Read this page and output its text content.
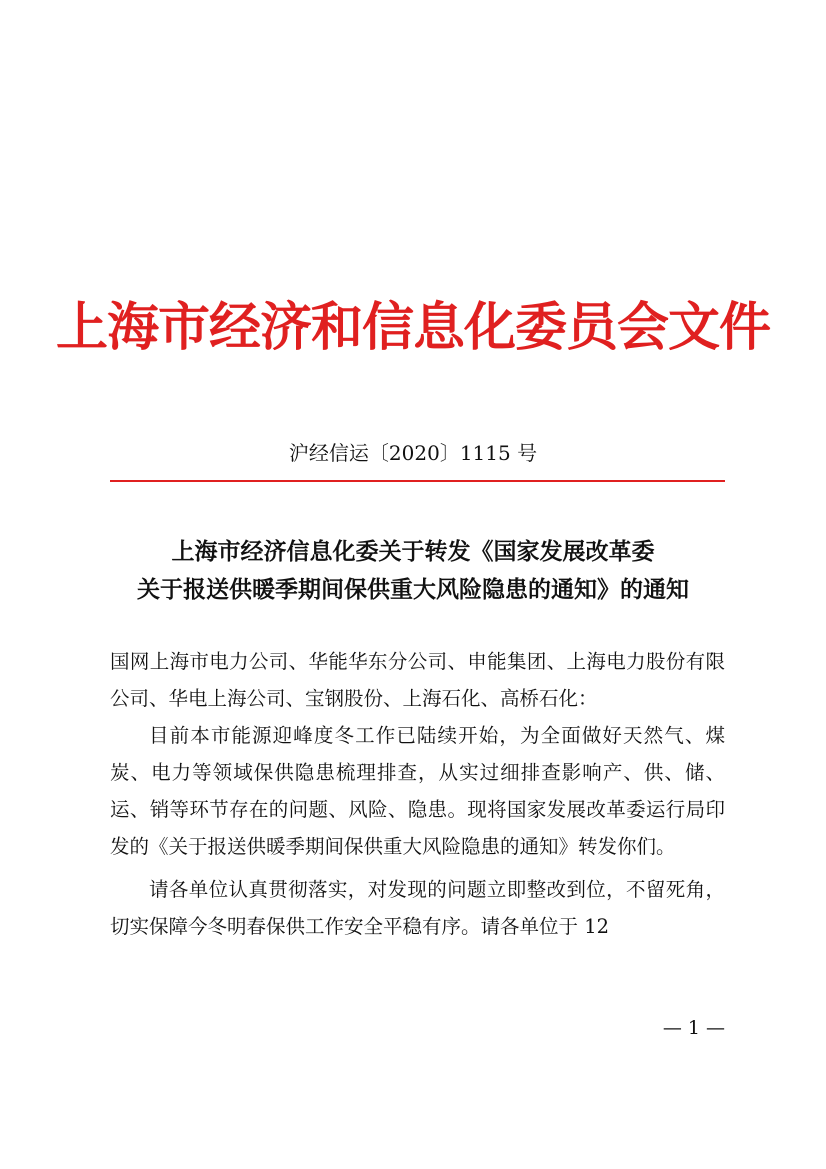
上海市经济和信息化委员会文件
沪经信运〔2020〕1115 号
上海市经济信息化委关于转发《国家发展改革委
关于报送供暖季期间保供重大风险隐患的通知》的通知

国网上海市电力公司、华能华东分公司、申能集团、上海电力股份有限公司、华电上海公司、宝钢股份、上海石化、高桥石化：

目前本市能源迎峰度冬工作已陆续开始，为全面做好天然气、煤炭、电力等领域保供隐患梳理排查，从实过细排查影响产、供、储、运、销等环节存在的问题、风险、隐患。现将国家发展改革委运行局印发的《关于报送供暖季期间保供重大风险隐患的通知》转发你们。

请各单位认真贯彻落实，对发现的问题立即整改到位，不留死角，切实保障今冬明春保供工作安全平稳有序。请各单位于 12

— 1 —
